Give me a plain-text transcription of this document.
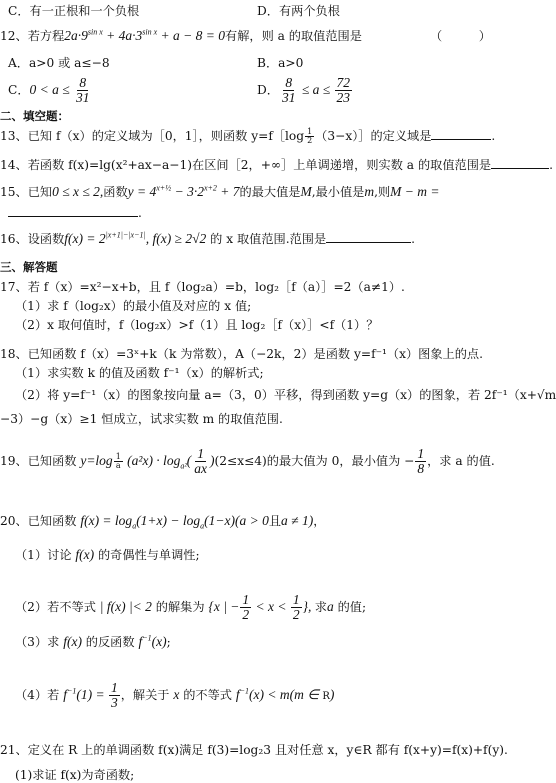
C．有一正根和一个负根	D．有两个负根
12、若方程$2a\cdot 9^{sin x} + 4a\cdot 3^{sin x} + a - 8 = 0$有解，则 a 的取值范围是	（　　　）
A．a>0 或 a≤−8	B．a>0
C．$0 < a \le \frac{8}{31}$	D． $\frac{8}{31} \le a \le \frac{72}{23}$
二、填空题：
13、已知 f（x）的定义域为［0，1］，则函数 y=f［log $\frac{1}{2}$ （3−x）］的定义域是	.
14、若函数 f(x)=lg(x²+ax−a−1)在区间［2，+∞］上单调递增，则实数 a 的取值范围是	.
15、已知0 ≤ x ≤ 2,函数$y = 4^{x+\frac{1}{2}} - 3\cdot 2^{x+2} + 7$的最大值是M,最小值是m,则M − m =
.
16、设函数$f(x) = 2^{|x+1|-|x-1|}$, f(x) ≥ 2√2 的 x 取值范围.范围是	.
三、解答题
17、若 f（x）=x²−x+b，且 f（log₂a）=b，log₂［f（a）］=2（a≠1）.
（1）求 f（log₂x）的最小值及对应的 x 值;
（2）x 取何值时，f（log₂x）>f（1）且 log₂［f（x）］<f（1）？
18、已知函数 f（x）=3ˣ+k（k 为常数），A（−2k，2）是函数 y=f⁻¹（x）图象上的点.
（1）求实数 k 的值及函数 f⁻¹（x）的解析式;
（2）将 y=f⁻¹（x）的图象按向量 a=（3，0）平移，得到函数 y=g（x）的图象，若 2f⁻¹（x+√m
−3）−g（x）≥1 恒成立，试求实数 m 的取值范围.
19、已知函数 $y=\log \frac{1}{a} (a^2x) \cdot \log_{a^2}( \frac{1}{ax} )(2\le x\le 4)$的最大值为 0，最小值为 − $\frac{1}{8}$ ，求 a 的值.
20、已知函数 $f(x) = \log_a(1+x) - \log_a(1-x)(a > 0$且a ≠ 1)，
（1）讨论 f(x) 的奇偶性与单调性;
（2）若不等式 | f(x) |< 2 的解集为 {x | − $\frac{1}{2} < x < \frac{1}{2}$ }, 求a 的值;
（3）求 f(x) 的反函数 $f^{-1}(x)$;
（4）若 $f^{-1}(1) = \frac{1}{3}$ ，解关于 x 的不等式 $f^{-1}(x) < m(m$ ∈ R)
21、定义在 R 上的单调函数 f(x)满足 f(3)=log₂3 且对任意 x，y∈R 都有 f(x+y)=f(x)+f(y).
(1)求证 f(x)为奇函数;
